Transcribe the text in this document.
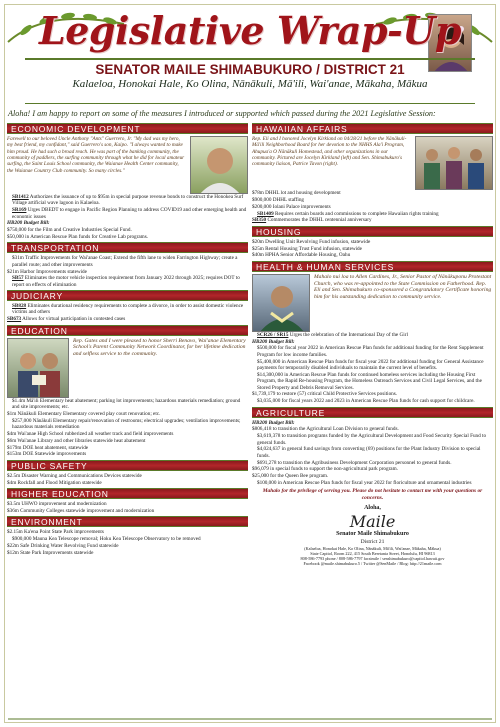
Legislative Wrap-Up
SENATOR MAILE SHIMABUKURO / DISTRICT 21
Kalaeloa, Honokai Hale, Ko Olina, Nānākuli, Mā'ili, Wai'anae, Mākaha, Mākua
Aloha! I am happy to report on some of the measures I introduced or supported which passed during the 2021 Legislative Session:
ECONOMIC DEVELOPMENT
Farewell to our beloved Uncle Anthony "Ants" Guerrero, Jr. "My dad was my hero, my best friend, my confidant," said Guerrero's son, Kaipo. "I always wanted to make him proud. He had such a broad reach. He was part of the banking community, the community of paddlers, the surfing community through what he did for local amateur surfing, the Saint Louis School community, the Waianae Health Center community, the Waianae Country Club community. So many circles."
SB1412 Authorizes the issuance of up to $95m in special purpose revenue bonds to construct the Honokea Surf Village artificial wave lagoon in Kalaeloa.
SR169 Urges DBEDT to engage in Pacific Region Planning to address COVID19 and other emerging health and economic issues
HB200 Budget Bill:
$750,000 for the Film and Creative Industries Special Fund.
$50,000 in American Rescue Plan funds for Creative Lab programs.
TRANSPORTATION
$31m Traffic Improvements for Wai'anae Coast; Extend the fifth lane to widen Farrington Highway; create a parallel route; and other improvements
$21m Harbor Improvements statewide
SB57 Eliminates the motor vehicle inspection requirement from January 2022 through 2025; requires DOT to report on effects of elimination
JUDICIARY
SB828 Eliminates durational residency requirements to complete a divorce, in order to assist domestic violence victims and others
SB673 Allows for virtual participation in contested cases
EDUCATION
Rep. Gates and I were pleased to honor Sherri Benavo, Wai'anae Elementary School's Parent Community Network Coordinator, for her lifetime dedication and selfless service to the community.
$1.4m Mā'ili Elementary heat abatement; parking lot improvements; hazardous materials remediation; ground and site improvements; etc.
$1m Nānākuli Elementary Elementary covered play court renovation; etc.
$257,000 Nānākuli Elementary repair/renovation of restrooms; electrical upgrades; ventilation improvements; hazardous materials remediation
$4m Wai'anae High School rubberized all weather track and field improvements
$6m Wai'anae Library and other libraries statewide heat abatement
$179m DOE heat abatement, statewide
$153m DOE Statewide improvements
PUBLIC SAFETY
$2.5m Disaster Warning and Communications Devices statewide
$4m Rockfall and Flood Mitigation statewide
HIGHER EDUCATION
$3.5m UHWO improvement and modernization
$36m Community Colleges statewide improvement and modernization
ENVIRONMENT
$2.15m Ka'ena Point State Park improvements
$900,000 Mauna Kea Telescope removal; Hoku Kea Telescope Observatory to be removed
$22m Safe Drinking Water Revolving Fund statewide
$12m State Park Improvements statewide
HAWAIIAN AFFAIRS
Rep. Eli and I honored Jocelyn Kirkland on 04/28/21 before the Nānākuli-Mā'ili Neighborhood Board for her devotion to the NHHS Ala'i Program, Ahupua'a O Nānākuli Homestead, and other organizations in our community. Pictured are Jocelyn Kirkland (left) and Sen. Shimabukuro's community liaison, Patrice Tavon (right).
$78m DHHL lot and housing development
$900,000 DHHL staffing
$200,000 Iolani Palace improvements
SB1409 Requires certain boards and commissions to complete Hawaiian rights training
SB350 Commemorates the DHHL centennial anniversary
HOUSING
$20m Dwelling Unit Revolving Fund infusion, statewide
$25m Rental Housing Trust Fund infusion, statewide
$40m HPHA Senior Affordable Housing, Oahu
HEALTH & HUMAN SERVICES
Mahalo nui loa to Allen Cardines, Jr., Senior Pastor of Nānākuponu Protestant Church, who was re-appointed to the State Commission on Fatherhood. Rep. Eli and Sen. Shimabukuro co-sponsored a Congratulatory Certificate honoring him for his outstanding dedication to community service.
SCR26 / SR15 Urges the celebration of the International Day of the Girl
HB200 Budget Bill:
$500,000 for fiscal year 2022 in American Rescue Plan funds for additional funding for the Rent Supplement Program for low income families.
$5,400,000 in American Rescue Plan funds for fiscal year 2022 for additional funding for General Assistance payments for temporarily disabled individuals to maintain the current level of benefits.
$14,300,000 in American Rescue Plan funds for continued homeless services including the Housing First Program, the Rapid Re-housing Program, the Homeless Outreach Services and Civil Legal Services, and the Stored Property and Debris Removal Services.
$1,739,179 to restore (57) critical Child Protective Services positions.
$3,035,000 for fiscal years 2022 and 2023 in American Rescue Plan funds for cash support for childcare.
AGRICULTURE
HB200 Budget Bill:
$806,418 to transition the Agricultural Loan Division to general funds.
$3,619,378 to transition programs funded by the Agricultural Development and Food Security Special Fund to general funds.
$4,024,637 in general fund savings from converting (69) positions for the Plant Industry Division to special funds.
$691,278 to transition the Agribusiness Development Corporation personnel to general funds.
$96,079 in special funds to support the non-agricultural park program.
$25,000 for the Queen Bee program.
$100,000 in American Rescue Plan funds for fiscal year 2022 for floriculture and ornamental industries
Mahalo for the privilege of serving you. Please do not hesitate to contact me with your questions or concerns.
Aloha,
Maile
Senator Maile Shimabukuro
District 21
(Kalaeloa, Honokai Hale, Ko Olina, Nānākuli, Mā'ili, Wai'anae, Mākaha, Mākua)
State Capitol, Room 222, 415 South Beretania Street, Honolulu, HI 96813
808-586-7793 phone / 808-586-7797 facsimile / senshimabukuro@capitol.hawaii.gov
Facebook @maile.shimabukuro.5 / Twitter @SenMaile / Blog: http://21maile.com
